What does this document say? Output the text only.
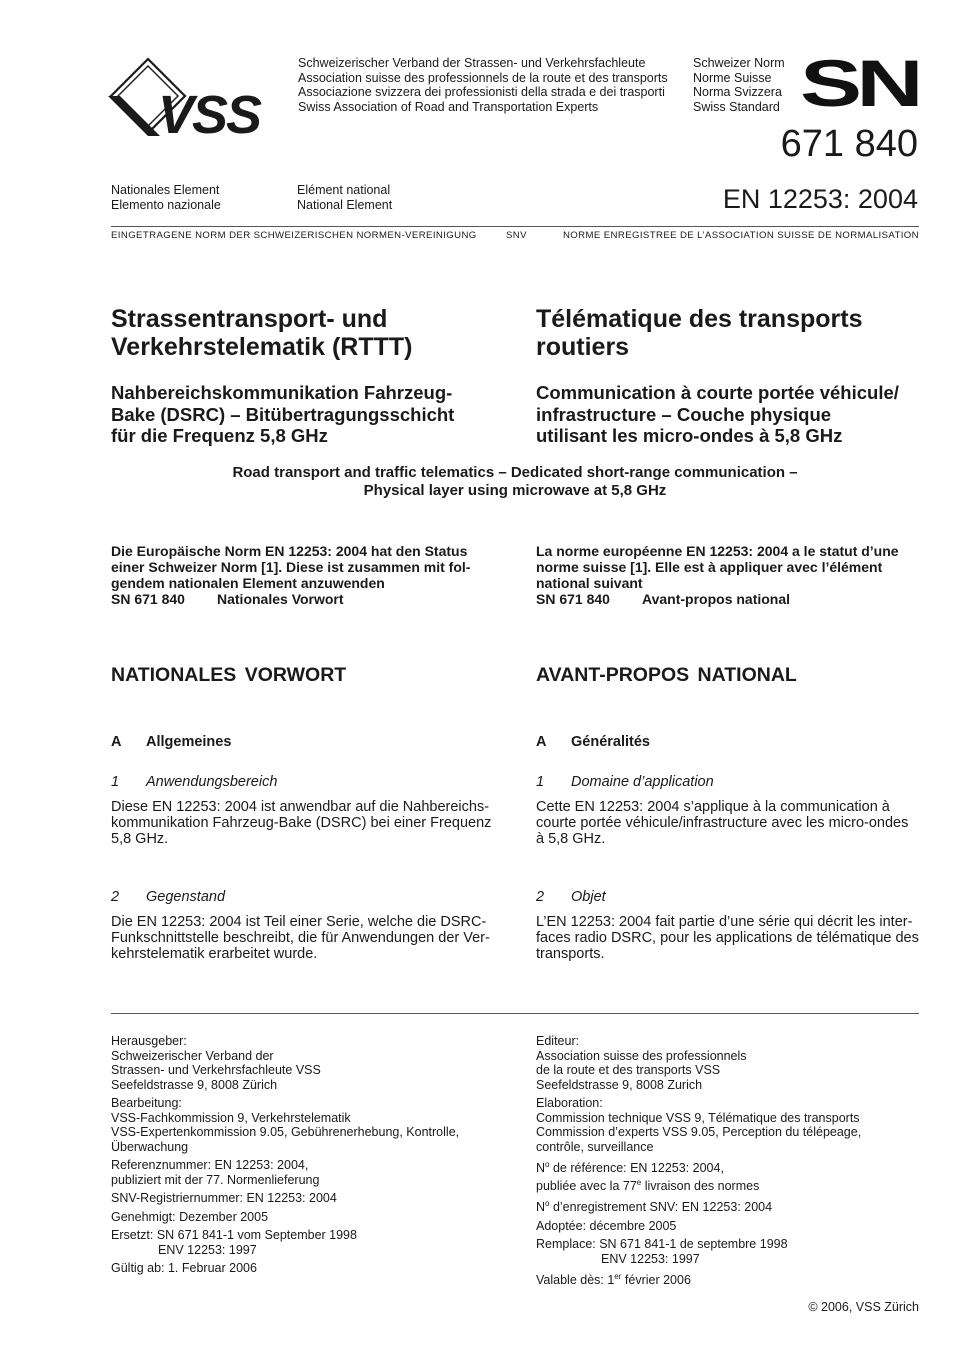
VSS
Schweizerischer Verband der Strassen- und Verkehrsfachleute
Association suisse des professionnels de la route et des transports
Associazione svizzera dei professionisti della strada e dei trasporti
Swiss Association of Road and Transportation Experts
Schweizer Norm
Norme Suisse
Norma Svizzera
Swiss Standard SN
671 840
EN 12253: 2004
Nationales Element
Elemento nazionale
Elément national
National Element
EINGETRAGENE NORM DER SCHWEIZERISCHEN NORMEN-VEREINIGUNG	SNV	NORME ENREGISTREE DE L’ASSOCIATION SUISSE DE NORMALISATION
Strassentransport- und
Verkehrstelematik (RTTT)
Télématique des transports
routiers
Nahbereichskommunikation Fahrzeug-
Bake (DSRC) – Bitübertragungsschicht
für die Frequenz 5,8 GHz
Communication à courte portée véhicule/
infrastructure – Couche physique
utilisant les micro-ondes à 5,8 GHz
Road transport and traffic telematics – Dedicated short-range communication –
Physical layer using microwave at 5,8 GHz
Die Europäische Norm EN 12253: 2004 hat den Status
einer Schweizer Norm [1]. Diese ist zusammen mit fol-
gendem nationalen Element anzuwenden
SN 671 840 Nationales Vorwort
La norme européenne EN 12253: 2004 a le statut d’une
norme suisse [1]. Elle est à appliquer avec l’élément
national suivant
SN 671 840 Avant-propos national
NATIONALES VORWORT	AVANT-PROPOS NATIONAL
A Allgemeines	A Généralités
1 Anwendungsbereich	1 Domaine d’application
Diese EN 12253: 2004 ist anwendbar auf die Nahbereichs-
kommunikation Fahrzeug-Bake (DSRC) bei einer Frequenz
5,8 GHz.
Cette EN 12253: 2004 s’applique à la communication à
courte portée véhicule/infrastructure avec les micro-ondes
à 5,8 GHz.
2 Gegenstand	2 Objet
Die EN 12253: 2004 ist Teil einer Serie, welche die DSRC-
Funkschnittstelle beschreibt, die für Anwendungen der Ver-
kehrstelematik erarbeitet wurde.
L’EN 12253: 2004 fait partie d’une série qui décrit les inter-
faces radio DSRC, pour les applications de télématique des
transports.
Herausgeber:
Schweizerischer Verband der
Strassen- und Verkehrsfachleute VSS
Seefeldstrasse 9, 8008 Zürich
Bearbeitung:
VSS-Fachkommission 9, Verkehrstelematik
VSS-Expertenkommission 9.05, Gebührenerhebung, Kontrolle,
Überwachung
Referenznummer: EN 12253: 2004,
publiziert mit der 77. Normenlieferung
SNV-Registriernummer: EN 12253: 2004
Genehmigt: Dezember 2005
Ersetzt: SN 671 841-1 vom September 1998
ENV 12253: 1997
Gültig ab: 1. Februar 2006
Editeur:
Association suisse des professionnels
de la route et des transports VSS
Seefeldstrasse 9, 8008 Zurich
Elaboration:
Commission technique VSS 9, Télématique des transports
Commission d’experts VSS 9.05, Perception du télépeage,
contrôle, surveillance
$N^o$ de référence: EN 12253: 2004,
publiée avec la 77e livraison des normes
$N^o$ d’enregistrement SNV: EN 12253: 2004
Adoptée: décembre 2005
Remplace: SN 671 841-1 de septembre 1998
ENV 12253: 1997
Valable dès: 1er février 2006
© 2006, VSS Zürich
